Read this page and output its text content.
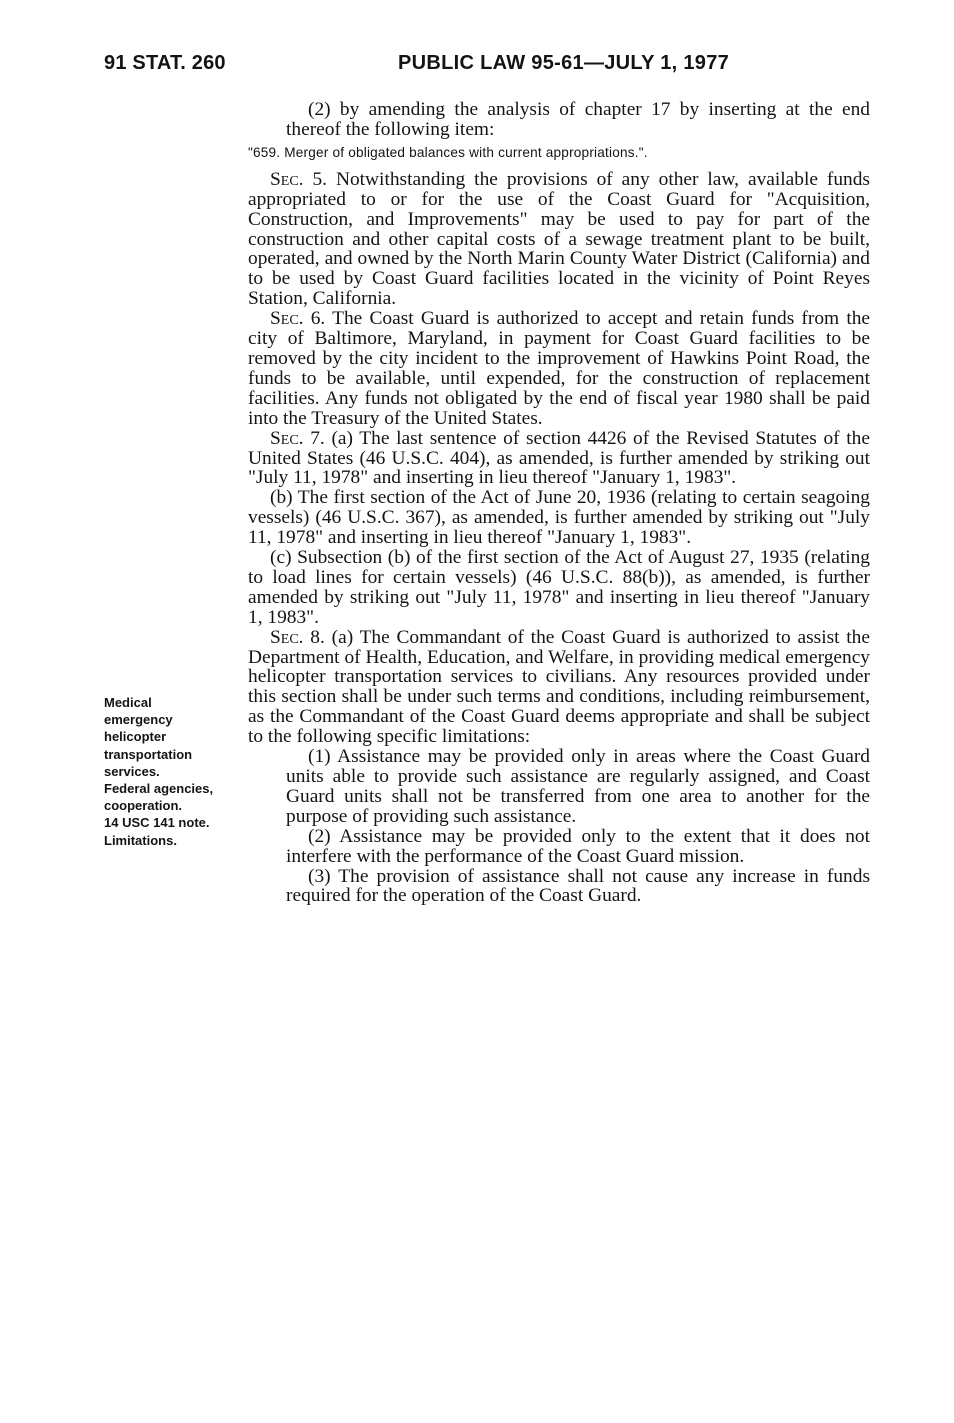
91 STAT. 260	PUBLIC LAW 95-61—JULY 1, 1977
Medical
emergency
helicopter
transportation
services.
Federal agencies,
cooperation.
14 USC 141 note.
Limitations.

(2) by amending the analysis of chapter 17 by inserting at the end thereof the following item:

"659. Merger of obligated balances with current appropriations.".

Sec. 5. Notwithstanding the provisions of any other law, available funds appropriated to or for the use of the Coast Guard for "Acquisition, Construction, and Improvements" may be used to pay for part of the construction and other capital costs of a sewage treatment plant to be built, operated, and owned by the North Marin County Water District (California) and to be used by Coast Guard facilities located in the vicinity of Point Reyes Station, California.

Sec. 6. The Coast Guard is authorized to accept and retain funds from the city of Baltimore, Maryland, in payment for Coast Guard facilities to be removed by the city incident to the improvement of Hawkins Point Road, the funds to be available, until expended, for the construction of replacement facilities. Any funds not obligated by the end of fiscal year 1980 shall be paid into the Treasury of the United States.

Sec. 7. (a) The last sentence of section 4426 of the Revised Statutes of the United States (46 U.S.C. 404), as amended, is further amended by striking out "July 11, 1978" and inserting in lieu thereof "January 1, 1983".

(b) The first section of the Act of June 20, 1936 (relating to certain seagoing vessels) (46 U.S.C. 367), as amended, is further amended by striking out "July 11, 1978" and inserting in lieu thereof "January 1, 1983".

(c) Subsection (b) of the first section of the Act of August 27, 1935 (relating to load lines for certain vessels) (46 U.S.C. 88(b)), as amended, is further amended by striking out "July 11, 1978" and inserting in lieu thereof "January 1, 1983".

Sec. 8. (a) The Commandant of the Coast Guard is authorized to assist the Department of Health, Education, and Welfare, in providing medical emergency helicopter transportation services to civilians. Any resources provided under this section shall be under such terms and conditions, including reimbursement, as the Commandant of the Coast Guard deems appropriate and shall be subject to the following specific limitations:

(1) Assistance may be provided only in areas where the Coast Guard units able to provide such assistance are regularly assigned, and Coast Guard units shall not be transferred from one area to another for the purpose of providing such assistance.

(2) Assistance may be provided only to the extent that it does not interfere with the performance of the Coast Guard mission.

(3) The provision of assistance shall not cause any increase in funds required for the operation of the Coast Guard.
